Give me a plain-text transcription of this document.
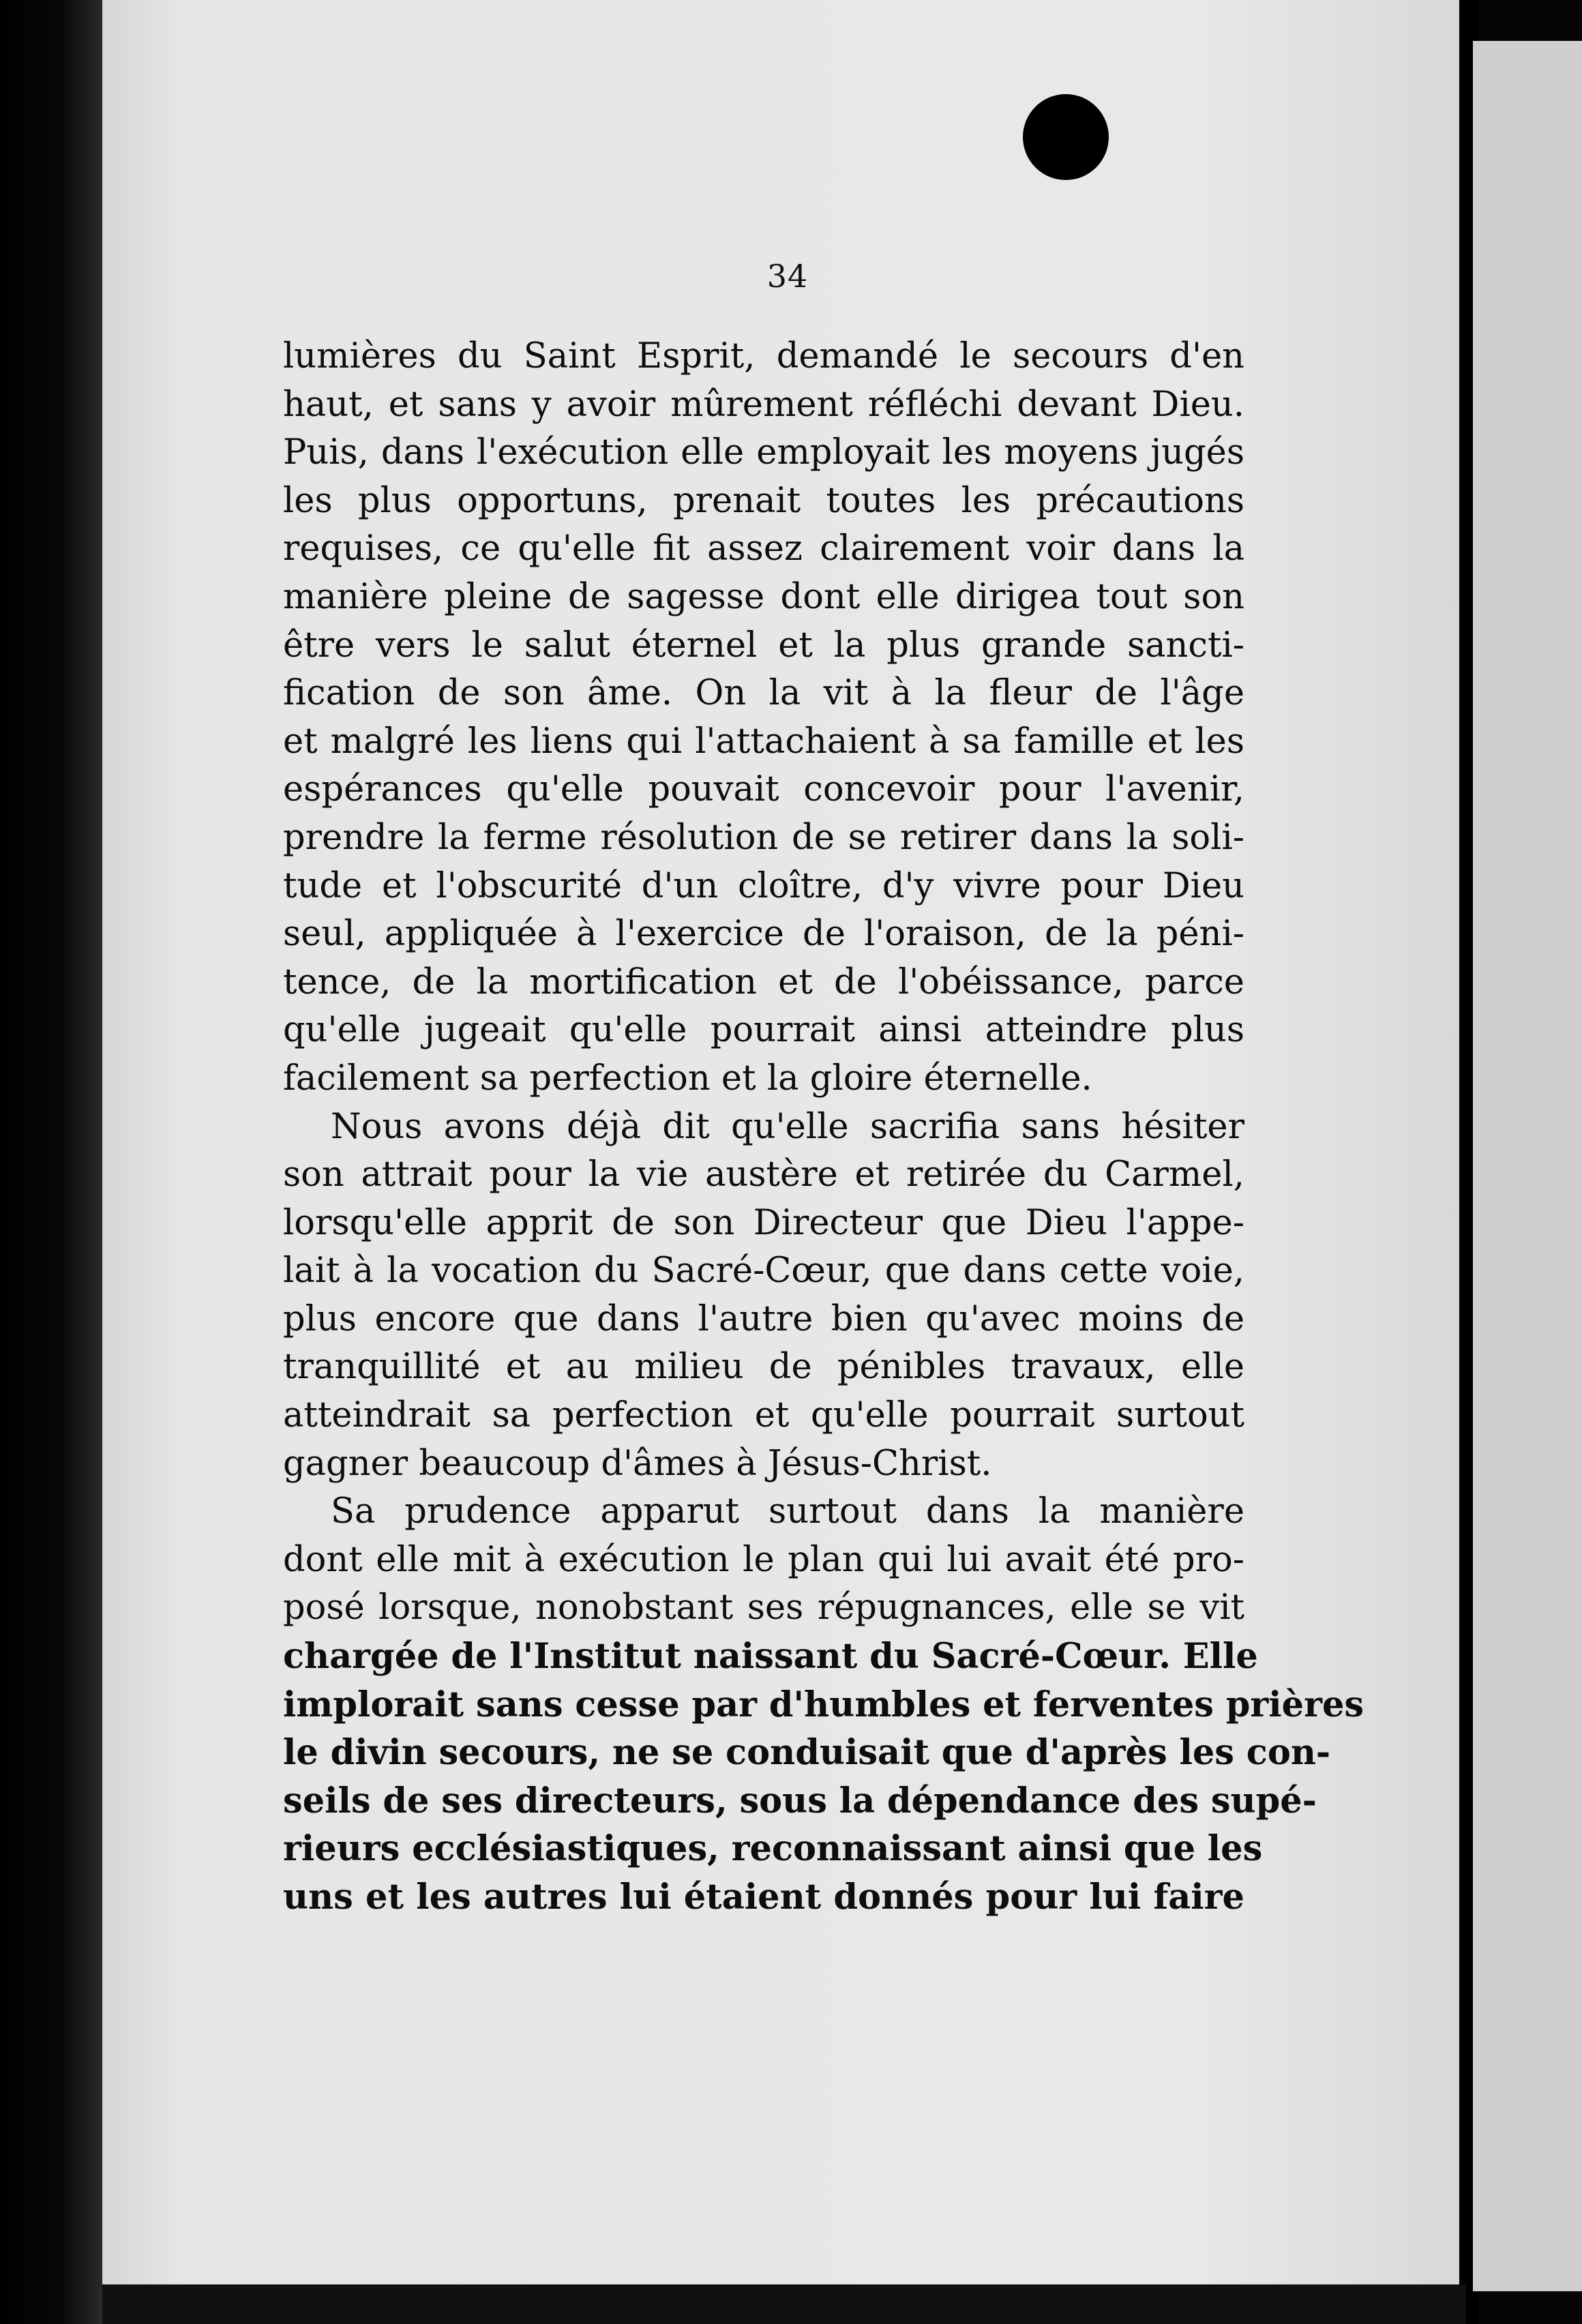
34
lumières du Saint Esprit, demandé le secours d'en
haut, et sans y avoir mûrement réfléchi devant Dieu.
Puis, dans l'exécution elle employait les moyens jugés
les plus opportuns, prenait toutes les précautions
requises, ce qu'elle fit assez clairement voir dans la
manière pleine de sagesse dont elle dirigea tout son
être vers le salut éternel et la plus grande sancti-
fication de son âme. On la vit à la fleur de l'âge
et malgré les liens qui l'attachaient à sa famille et les
espérances qu'elle pouvait concevoir pour l'avenir,
prendre la ferme résolution de se retirer dans la soli-
tude et l'obscurité d'un cloître, d'y vivre pour Dieu
seul, appliquée à l'exercice de l'oraison, de la péni-
tence, de la mortification et de l'obéissance, parce
qu'elle jugeait qu'elle pourrait ainsi atteindre plus
facilement sa perfection et la gloire éternelle.
Nous avons déjà dit qu'elle sacrifia sans hésiter
son attrait pour la vie austère et retirée du Carmel,
lorsqu'elle apprit de son Directeur que Dieu l'appe-
lait à la vocation du Sacré-Cœur, que dans cette voie,
plus encore que dans l'autre bien qu'avec moins de
tranquillité et au milieu de pénibles travaux, elle
atteindrait sa perfection et qu'elle pourrait surtout
gagner beaucoup d'âmes à Jésus-Christ.
Sa prudence apparut surtout dans la manière
dont elle mit à exécution le plan qui lui avait été pro-
posé lorsque, nonobstant ses répugnances, elle se vit
chargée de l'Institut naissant du Sacré-Cœur. Elle
implorait sans cesse par d'humbles et ferventes prières
le divin secours, ne se conduisait que d'après les con-
seils de ses directeurs, sous la dépendance des supé-
rieurs ecclésiastiques, reconnaissant ainsi que les
uns et les autres lui étaient donnés pour lui faire
